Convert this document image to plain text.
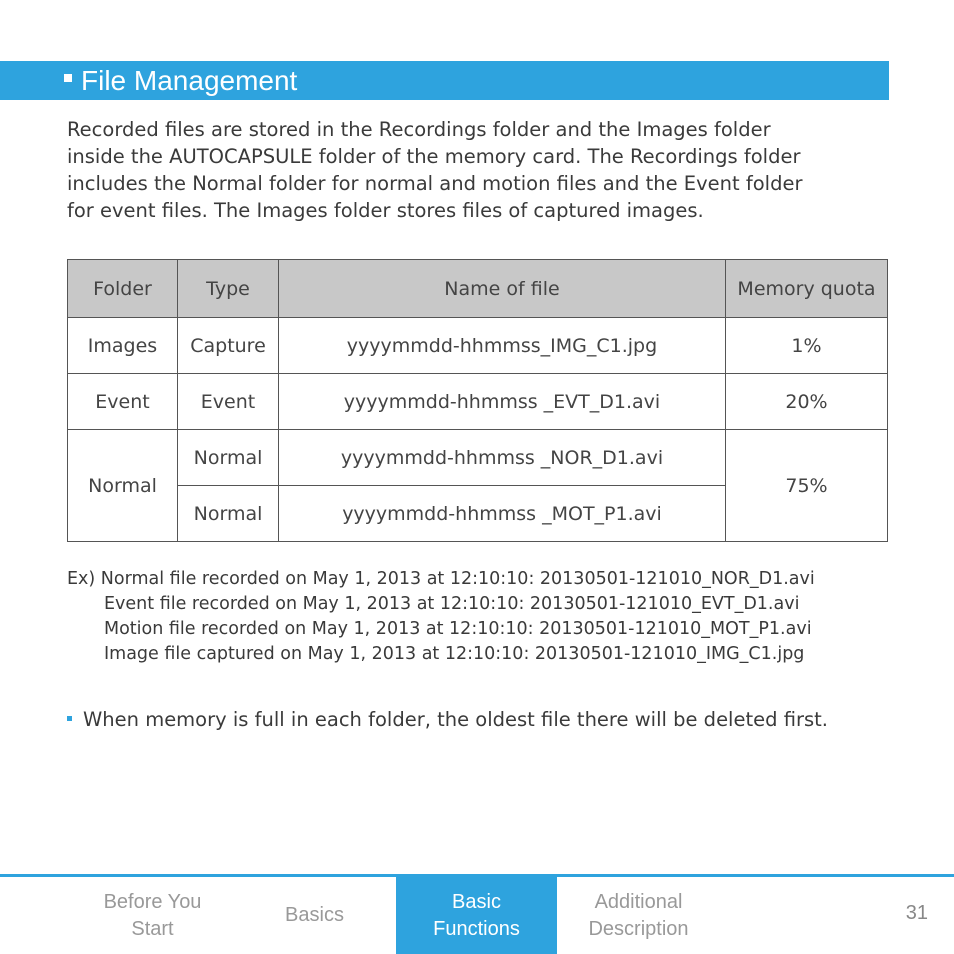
File Management

Recorded files are stored in the Recordings folder and the Images folder

inside the AUTOCAPSULE folder of the memory card. The Recordings folder

includes the Normal folder for normal and motion files and the Event folder

for event files. The Images folder stores files of captured images.

Folder	Type	Name of file	Memory quota
Images	Capture	yyyymmdd-hhmmss_IMG_C1.jpg	1%
Event	Event	yyyymmdd-hhmmss _EVT_D1.avi	20%
Normal	Normal	yyyymmdd-hhmmss _NOR_D1.avi	75%
	Normal	yyyymmdd-hhmmss _MOT_P1.avi	
Ex) Normal file recorded on May 1, 2013 at 12:10:10: 20130501-121010_NOR_D1.avi
Event file recorded on May 1, 2013 at 12:10:10: 20130501-121010_EVT_D1.avi
Motion file recorded on May 1, 2013 at 12:10:10: 20130501-121010_MOT_P1.avi
Image file captured on May 1, 2013 at 12:10:10: 20130501-121010_IMG_C1.jpg
When memory is full in each folder, the oldest file there will be deleted first.
Before You
Start
Basics
Basic
Functions
Additional
Description
31
